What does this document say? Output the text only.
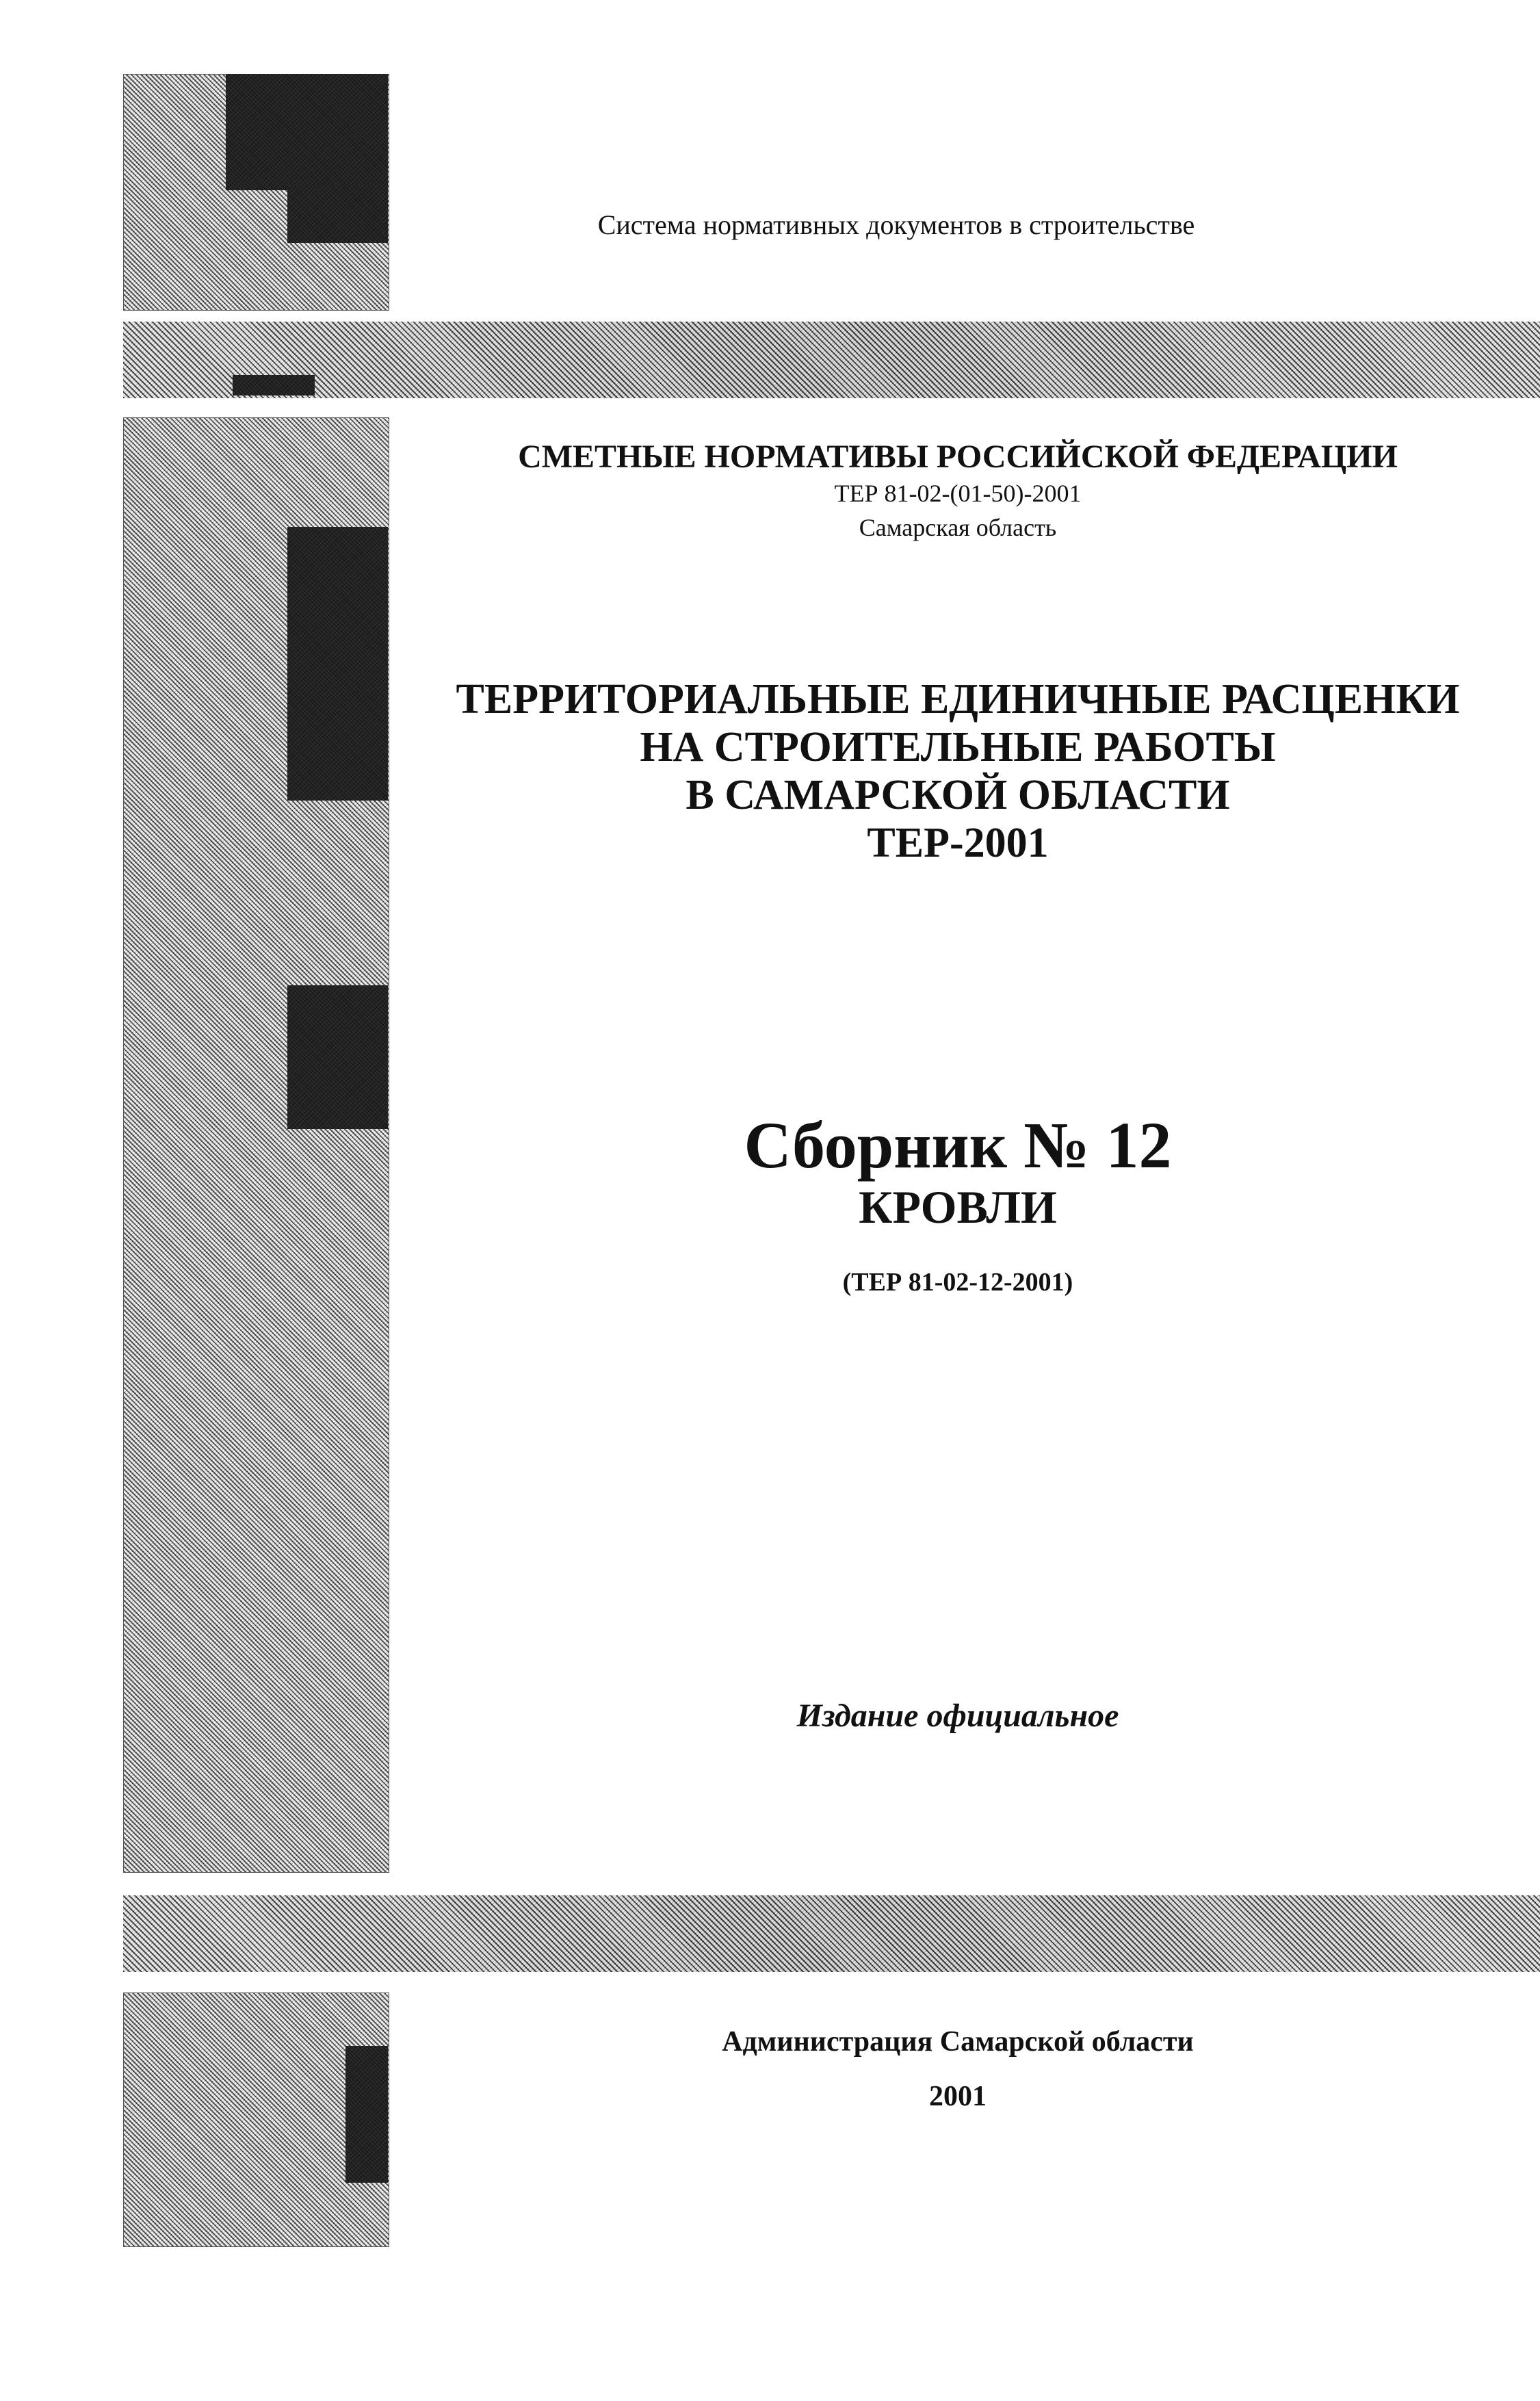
Система нормативных документов в строительстве
СМЕТНЫЕ НОРМАТИВЫ РОССИЙСКОЙ ФЕДЕРАЦИИ
ТЕР 81-02-(01-50)-2001
Самарская область
ТЕРРИТОРИАЛЬНЫЕ ЕДИНИЧНЫЕ РАСЦЕНКИ
НА СТРОИТЕЛЬНЫЕ РАБОТЫ
В САМАРСКОЙ ОБЛАСТИ
ТЕР-2001
Сборник № 12
КРОВЛИ
(ТЕР 81-02-12-2001)
Издание официальное
Администрация Самарской области
2001
